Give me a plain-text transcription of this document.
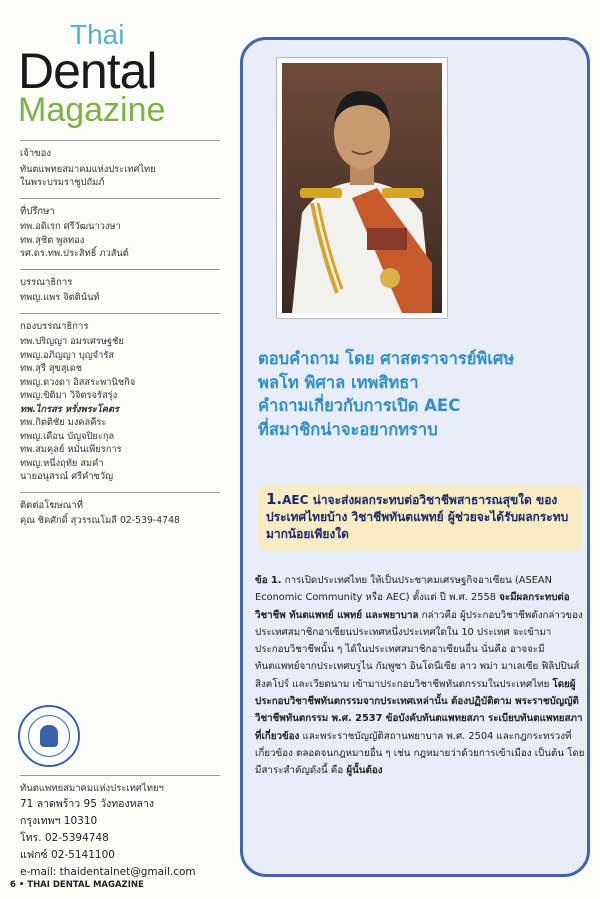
Thai
Dental
Magazine
เจ้าของ
ทันตแพทยสมาคมแห่งประเทศไทย
ในพระบรมราชูปถัมภ์
ที่ปรึกษา
ทพ.อดิเรก ศรีวัฒนาวงษา
ทพ.สุชิต พูลทอง
รศ.ดร.ทพ.ประสิทธิ์ ภวสันต์
บรรณาธิการ
ทพญ.แพร จิตติน้นท์
กองบรรณาธิการ
ทพ.ปริญญา อมรเศรษฐชัย
ทพญ.อภิญญา บุญจำรัส
ทพ.สุรี สุขสุเดช
ทพญ.ดวงดา อิสสระพานิชกิจ
ทพญ.ขิติมา วิจิตรจรัสรุ่ง
ทพ.ไกรสร หรั่งพระโคตร
ทพ.กิตติชัย มงคลคีระ
ทพญ.เดือน บัญจปิยะกุล
ทพ.สมคุลย์ หมั่นเพียรการ
ทพญ.หนึ่งฤทัย สมคำ
นายอนุสรณ์ ศรีคำชวัญ
ติดต่อโฆษณาที่
คุณ ชิดศักดิ์ สุวรรณโมลี 02-539-4748
ทันตแพทยสมาคมแห่งประเทศไทยฯ
71 ลาดพร้าว 95 วังทองหลาง
กรุงเทพฯ 10310
โทร. 02-5394748
แฟกซ์ 02-5141100
e-mail: thaidentalnet@gmail.com
ตอบคำถาม โดย ศาสตราจารย์พิเศษ
พลโท พิศาล เทพสิทธา
คำถามเกี่ยวกับการเปิด AEC
ที่สมาชิกน่าจะอยากทราบ
1.AEC น่าจะส่งผลกระทบต่อวิชาชีพสาธารณสุขใด ของประเทศไทยบ้าง วิชาชีพทันตแพทย์ ผู้ช่วยจะได้รับผลกระทบมากน้อยเพียงใด
ข้อ 1. การเปิดประเทศไทย ให้เป็นประชาคมเศรษฐกิจอาเซียน (ASEAN Economic Community หรือ AEC) ตั้งแต่ ปี พ.ศ. 2558 จะมีผลกระทบต่อวิชาชีพ ทันตแพทย์ แพทย์ และพยาบาล กล่าวคือ ผู้ประกอบวิชาชีพดังกล่าวของประเทศสมาชิกอาเซียนประเทศหนึ่งประเทศใดใน 10 ประเทศ จะเข้ามาประกอบวิชาชีพนั้น ๆ ได้ในประเทศสมาชิกอาเซียนอื่น นั่นคือ อาจจะมีทันตแพทย์จากประเทศบรูไน กัมพูชา อินโดนีเซีย ลาว พม่า มาเลเซีย ฟิลิปปินส์ สิงคโปร์ และเวียดนาม เข้ามาประกอบวิชาชีพทันตกรรมในประเทศไทย โดยผู้ประกอบวิชาชีพทันตกรรมจากประเทศเหล่านั้น ต้องปฏิบัติตาม พระราชบัญญัติวิชาชีพทันตกรรม พ.ศ. 2537 ข้อบังคับทันตแพทยสภา ระเบียบทันตแพทยสภาที่เกี่ยวข้อง และพระราชบัญญัติสถานพยาบาล พ.ศ. 2504 และกฎกระทรวงที่เกี่ยวข้อง ตลอดจนกฎหมายอื่น ๆ เช่น กฎหมายว่าด้วยการเข้าเมือง เป็นต้น โดยมีสาระสำคัญดังนี้ คือ ผู้นั้นต้อง
6 • THAI DENTAL MAGAZINE
